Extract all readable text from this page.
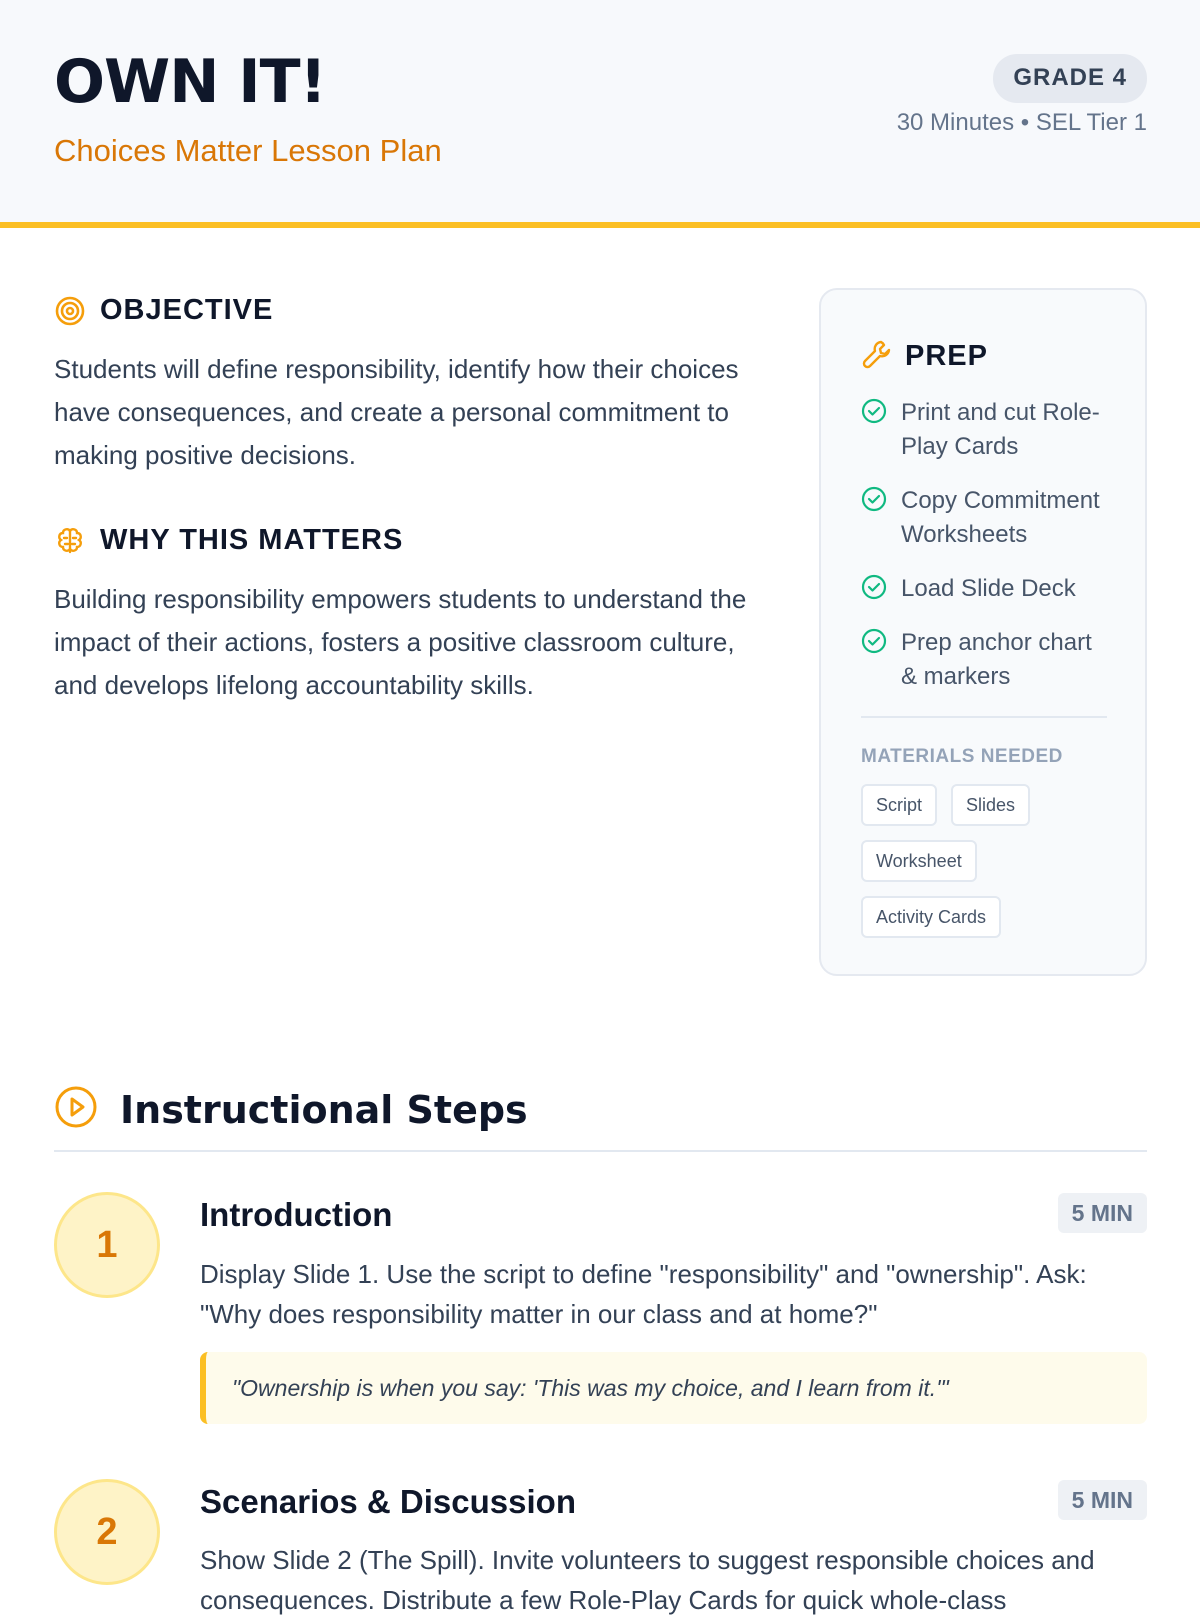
OWN IT!
Choices Matter Lesson Plan
GRADE 4
30 Minutes • SEL Tier 1
OBJECTIVE
Students will define responsibility, identify how their choices have consequences, and create a personal commitment to making positive decisions.
WHY THIS MATTERS
Building responsibility empowers students to understand the impact of their actions, fosters a positive classroom culture, and develops lifelong accountability skills.
PREP
Print and cut Role-Play Cards
Copy Commitment Worksheets
Load Slide Deck
Prep anchor chart & markers
MATERIALS NEEDED
Script	Slides
Worksheet
Activity Cards
Instructional Steps
1
Introduction	5 MIN
Display Slide 1. Use the script to define "responsibility" and "ownership". Ask: "Why does responsibility matter in our class and at home?"
"Ownership is when you say: 'This was my choice, and I learn from it.'"
2
Scenarios & Discussion	5 MIN
Show Slide 2 (The Spill). Invite volunteers to suggest responsible choices and consequences. Distribute a few Role-Play Cards for quick whole-class
